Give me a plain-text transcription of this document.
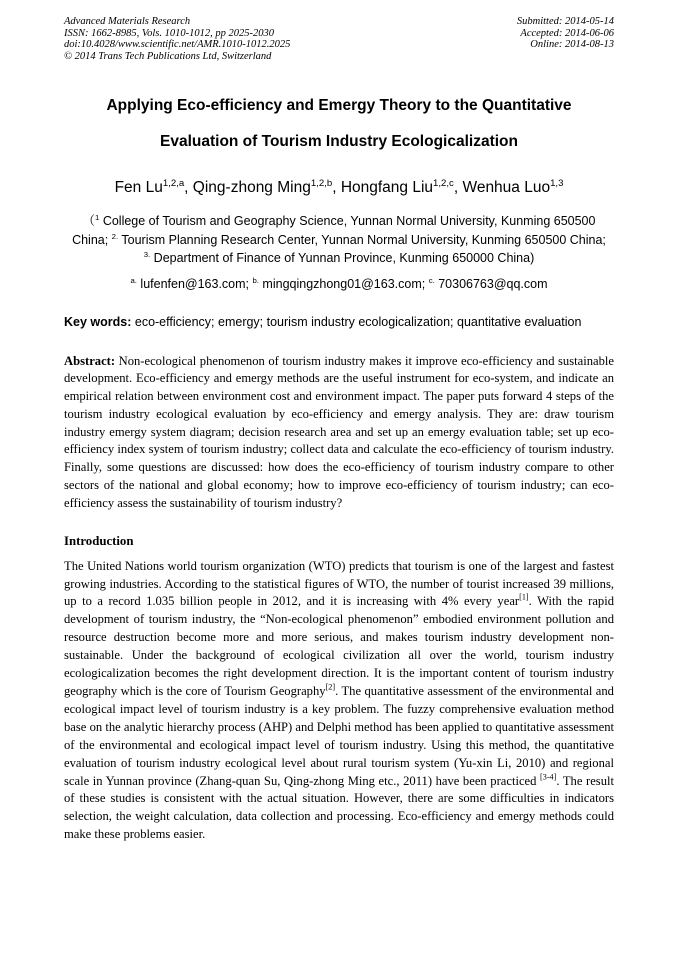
Advanced Materials Research
ISSN: 1662-8985, Vols. 1010-1012, pp 2025-2030
doi:10.4028/www.scientific.net/AMR.1010-1012.2025
© 2014 Trans Tech Publications Ltd, Switzerland
Submitted: 2014-05-14
Accepted: 2014-06-06
Online: 2014-08-13
Applying Eco-efficiency and Emergy Theory to the Quantitative
Evaluation of Tourism Industry Ecologicalization
Fen Lu$^{1,2,a}$, Qing-zhong Ming$^{1,2,b}$, Hongfang Liu$^{1,2,c}$, Wenhua Luo$^{1,3}$
（$^1$ College of Tourism and Geography Science, Yunnan Normal University, Kunming 650500 China; $^{2.}$ Tourism Planning Research Center, Yunnan Normal University, Kunming 650500 China;
$^{3.}$ Department of Finance of Yunnan Province, Kunming 650000 China)
$^{a.}$ lufenfen@163.com; $^{b.}$ mingqingzhong01@163.com; $^{c.}$ 70306763@qq.com
Key words: eco-efficiency; emergy; tourism industry ecologicalization; quantitative evaluation

Abstract: Non-ecological phenomenon of tourism industry makes it improve eco-efficiency and sustainable development. Eco-efficiency and emergy methods are the useful instrument for eco-system, and indicate an empirical relation between environment cost and environment impact. The paper puts forward 4 steps of the tourism industry ecological evaluation by eco-efficiency and emergy analysis. They are: draw tourism industry emergy system diagram; decision research area and set up an emergy evaluation table; set up eco-efficiency index system of tourism industry; collect data and calculate the eco-efficiency of tourism industry. Finally, some questions are discussed: how does the eco-efficiency of tourism industry compare to other sectors of the national and global economy; how to improve eco-efficiency of tourism industry; can eco-efficiency assess the sustainability of tourism industry?

Introduction

The United Nations world tourism organization (WTO) predicts that tourism is one of the largest and fastest growing industries. According to the statistical figures of WTO, the number of tourist increased 39 millions, up to a record 1.035 billion people in 2012, and it is increasing with 4% every year[1]. With the rapid development of tourism industry, the “Non-ecological phenomenon” embodied environment pollution and resource destruction become more and more serious, and makes tourism industry development non-sustainable. Under the background of ecological civilization all over the world, tourism industry ecologicalization becomes the right development direction. It is the important content of tourism industry geography which is the core of Tourism Geography[2]. The quantitative assessment of the environmental and ecological impact level of tourism industry is a key problem. The fuzzy comprehensive evaluation method base on the analytic hierarchy process (AHP) and Delphi method has been applied to quantitative assessment of the environmental and ecological impact level of tourism industry. Using this method, the quantitative evaluation of tourism industry ecological level about rural tourism system (Yu-xin Li, 2010) and regional scale in Yunnan province (Zhang-quan Su, Qing-zhong Ming etc., 2011) have been practiced [3-4]. The result of these studies is consistent with the actual situation. However, there are some difficulties in indicators selection, the weight calculation, data collection and processing. Eco-efficiency and emergy methods could make these problems easier.
